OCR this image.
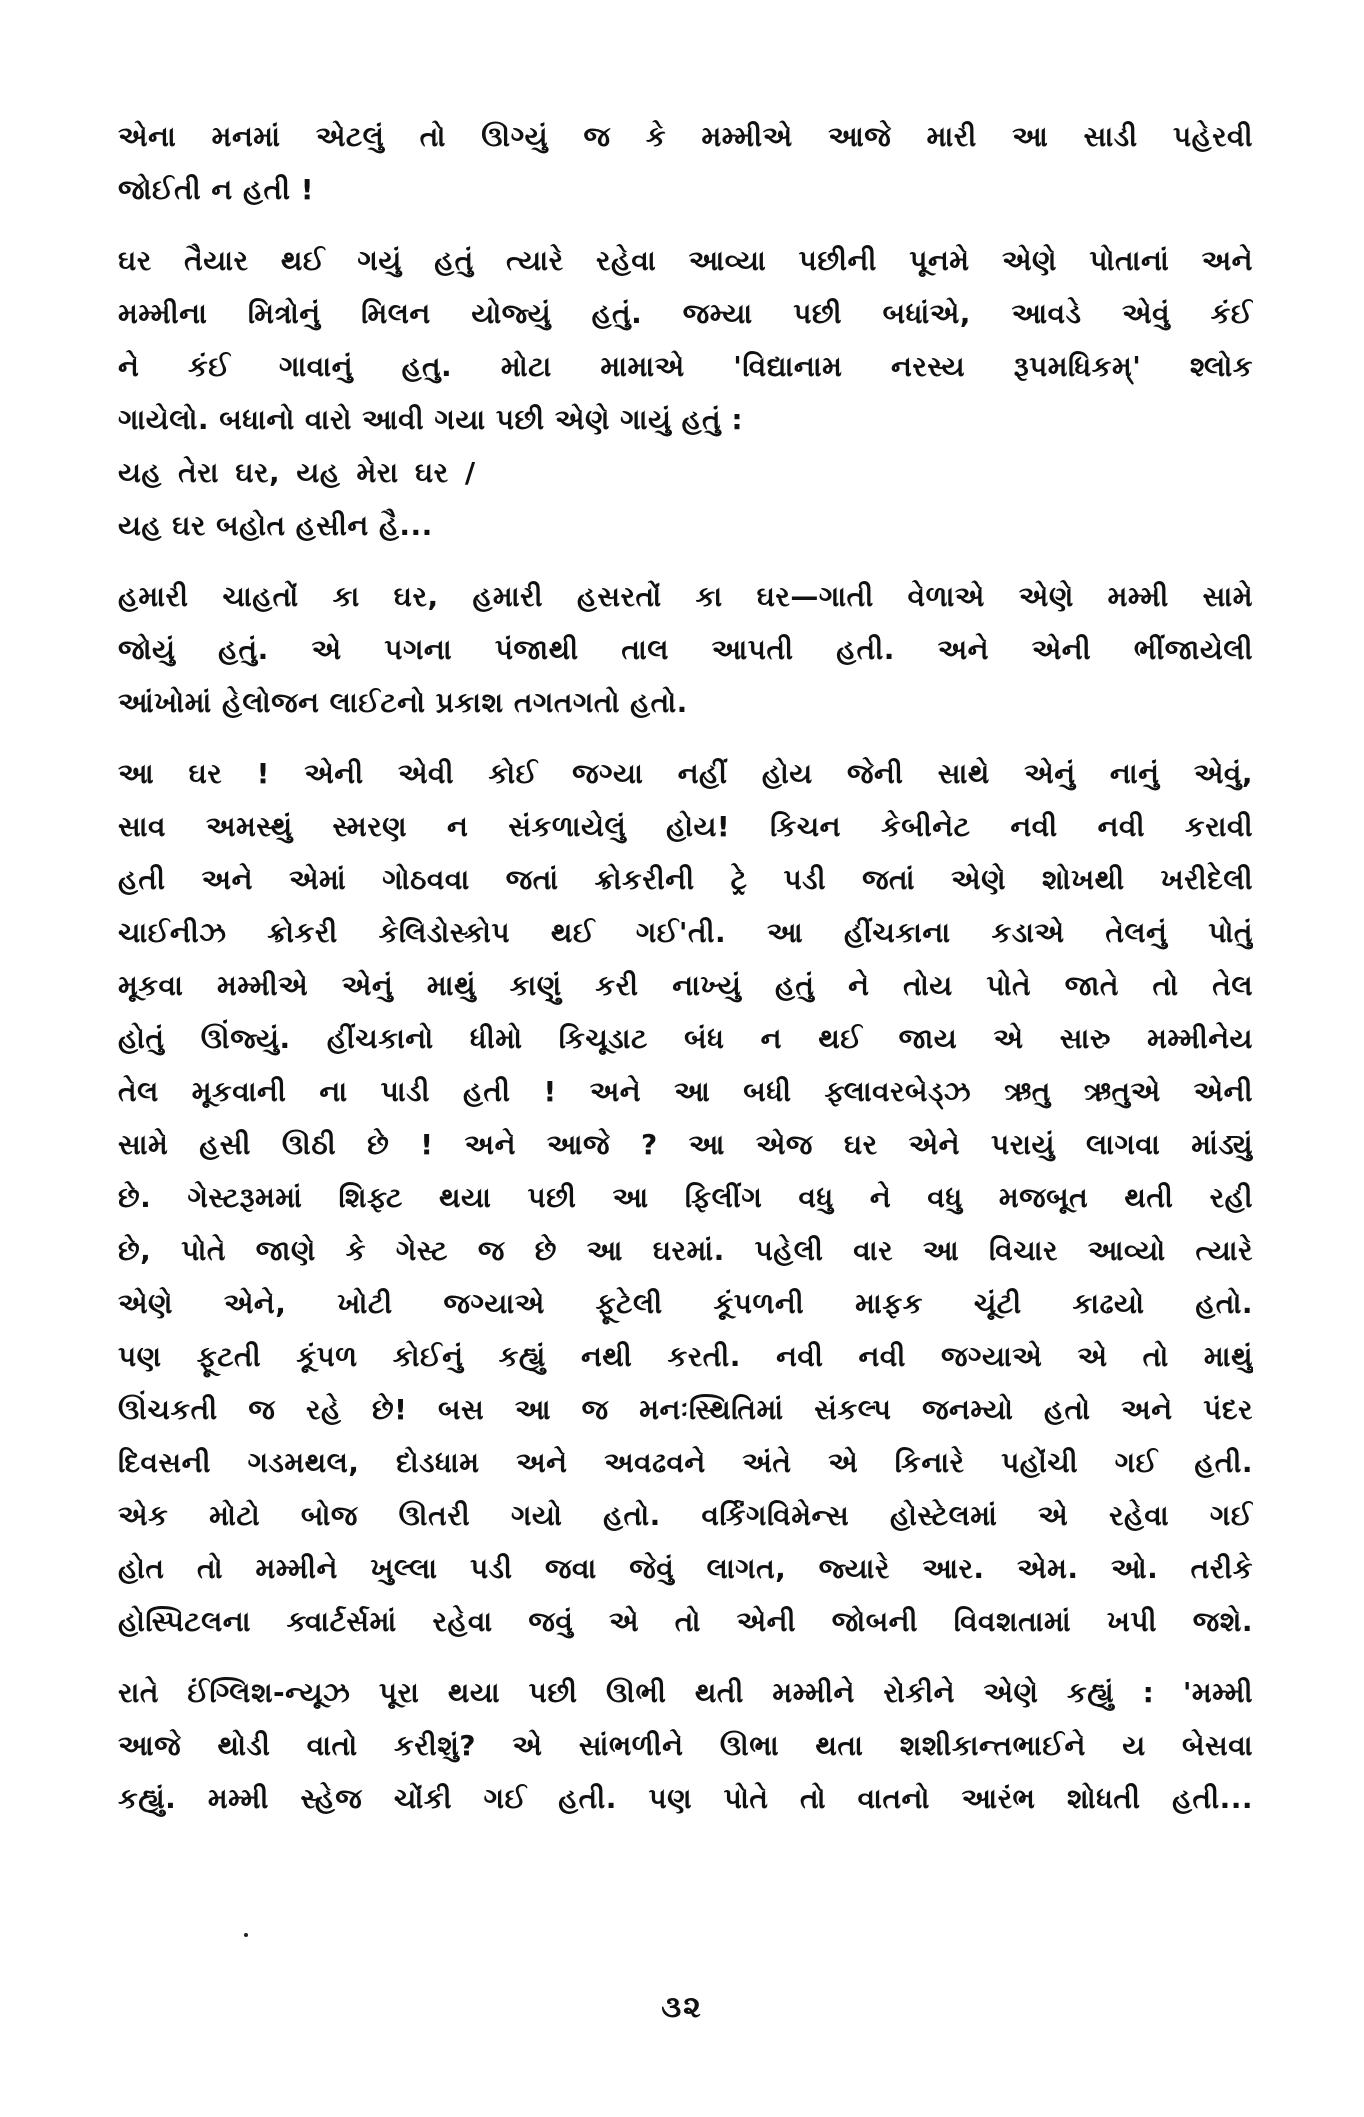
એના મનમાં એટલું તો ઊગ્યું જ કે મમ્મીએ આજે મારી આ સાડી પહેરવી
જોઈતી ન હતી !
ઘર તૈયાર થઈ ગયું હતું ત્યારે રહેવા આવ્યા પછીની પૂનમે એણે પોતાનાં અને
મમ્મીના મિત્રોનું મિલન યોજ્યું હતું. જમ્યા પછી બધાંએ, આવડે એવું કંઈ
ને કંઈ ગાવાનું હતુ. મોટા મામાએ 'વિદ્યાનામ નરસ્ય રૂપમધિકમ્' શ્લોક
ગાયેલો. બધાનો વારો આવી ગયા પછી એણે ગાયું હતું :
યહ તેરા ઘર, યહ મેરા ઘર /
યહ ઘર બહોત હસીન હૈ...
હમારી ચાહતોં કા ઘર, હમારી હસરતોં કા ઘર—ગાતી વેળાએ એણે મમ્મી સામે
જોયું હતું. એ પગના પંજાથી તાલ આપતી હતી. અને એની ભીંજાયેલી
આંખોમાં હેલોજન લાઈટનો પ્રકાશ તગતગતો હતો.
આ ઘર ! એની એવી કોઈ જગ્યા નહીં હોય જેની સાથે એનું નાનું એવું,
સાવ અમસ્થું સ્મરણ ન સંકળાયેલું હોય! કિચન કેબીનેટ નવી નવી કરાવી
હતી અને એમાં ગોઠવવા જતાં ક્રોકરીની ટ્રે પડી જતાં એણે શોખથી ખરીદેલી
ચાઈનીઝ ક્રોકરી કેલિડોસ્કોપ થઈ ગઈ'તી. આ હીંચકાના કડાએ તેલનું પોતું
મૂકવા મમ્મીએ એનું માથું કાણું કરી નાખ્યું હતું ને તોય પોતે જાતે તો તેલ
હોતું ઊંજ્યું. હીંચકાનો ધીમો કિચૂડાટ બંધ ન થઈ જાય એ સારુ મમ્મીનેય
તેલ મૂકવાની ના પાડી હતી ! અને આ બધી ફ્લાવરબેડ્ઝ ઋતુ ઋતુએ એની
સામે હસી ઊઠી છે ! અને આજે ? આ એજ ઘર એને પરાયું લાગવા માંડ્યું
છે. ગેસ્ટરૂમમાં શિફ્ટ થયા પછી આ ફિલીંગ વધુ ને વધુ મજબૂત થતી રહી
છે, પોતે જાણે કે ગેસ્ટ જ છે આ ઘરમાં. પહેલી વાર આ વિચાર આવ્યો ત્યારે
એણે એને, ખોટી જગ્યાએ ફૂટેલી કૂંપળની માફક ચૂંટી કાઢયો હતો.
પણ ફૂટતી કૂંપળ કોઈનું કહ્યું નથી કરતી. નવી નવી જગ્યાએ એ તો માથું
ઊંચકતી જ રહે છે! બસ આ જ મનઃસ્થિતિમાં સંકલ્પ જનમ્યો હતો અને પંદર
દિવસની ગડમથલ, દોડધામ અને અવઢવને અંતે એ કિનારે પહોંચી ગઈ હતી.
એક મોટો બોજ ઊતરી ગયો હતો. વર્કિંગવિમેન્સ હોસ્ટેલમાં એ રહેવા ગઈ
હોત તો મમ્મીને ખુલ્લા પડી જવા જેવું લાગત, જ્યારે આર. એમ. ઓ. તરીકે
હોસ્પિટલના ક્વાર્ટર્સમાં રહેવા જવું એ તો એની જોબની વિવશતામાં ખપી જશે.
રાતે ઈંગ્લિશ-ન્યૂઝ પૂરા થયા પછી ઊભી થતી મમ્મીને રોકીને એણે કહ્યું : 'મમ્મી
આજે થોડી વાતો કરીશું? એ સાંભળીને ઊભા થતા શશીકાન્તભાઈને ય બેસવા
કહ્યું. મમ્મી સ્હેજ ચોંકી ગઈ હતી. પણ પોતે તો વાતનો આરંભ શોધતી હતી...
૩૨
